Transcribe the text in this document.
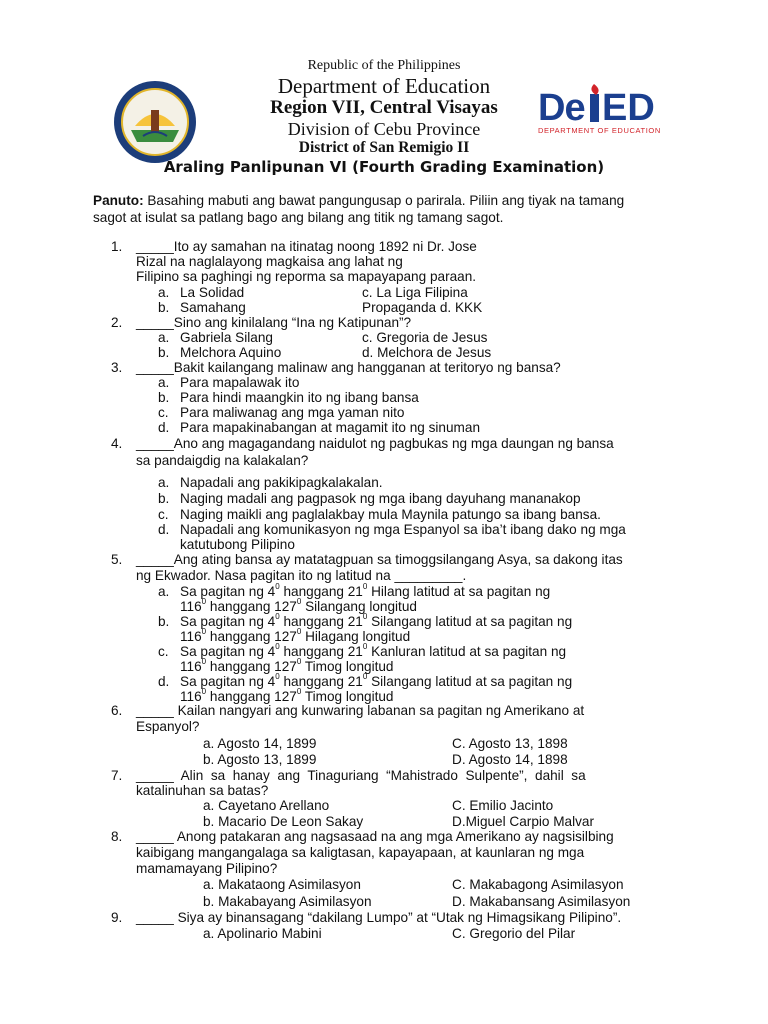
Republic of the Philippines
Department of Education
Region VII, Central Visayas
Division of Cebu Province
District of San Remigio II
De ED
DEPARTMENT OF EDUCATION
Araling Panlipunan VI (Fourth Grading Examination)
Panuto: Basahing mabuti ang bawat pangungusap o parirala. Piliin ang tiyak na tamang sagot at isulat sa patlang bago ang bilang ang titik ng tamang sagot.
1. _____Ito ay samahan na itinatag noong 1892 ni Dr. Jose
Rizal na naglalayong magkaisa ang lahat ng
Filipino sa paghingi ng reporma sa mapayapang paraan.
a. La Solidad	c. La Liga Filipina
b. Samahang	Propaganda d. KKK
2. _____Sino ang kinilalang “Ina ng Katipunan”?
a. Gabriela Silang	c. Gregoria de Jesus
b. Melchora Aquino	d. Melchora de Jesus
3. _____Bakit kailangang malinaw ang hangganan at teritoryo ng bansa?
a. Para mapalawak ito
b. Para hindi maangkin ito ng ibang bansa
c. Para maliwanag ang mga yaman nito
d. Para mapakinabangan at magamit ito ng sinuman
4. _____Ano ang magagandang naidulot ng pagbukas ng mga daungan ng bansa
sa pandaigdig na kalakalan?
a. Napadali ang pakikipagkalakalan.
b. Naging madali ang pagpasok ng mga ibang dayuhang mananakop
c. Naging maikli ang paglalakbay mula Maynila patungo sa ibang bansa.
d. Napadali ang komunikasyon ng mga Espanyol sa iba’t ibang dako ng mga
katutubong Pilipino
5. _____Ang ating bansa ay matatagpuan sa timoggsilangang Asya, sa dakong itas
ng Ekwador. Nasa pagitan ito ng latitud na _________.
a. Sa pagitan ng $4^0$ hanggang $21^0$ Hilang latitud at sa pagitan ng
$116^0$ hanggang $127^0$ Silangang longitud
b. Sa pagitan ng $4^0$ hanggang $21^0$ Silangang latitud at sa pagitan ng
$116^0$ hanggang $127^0$ Hilagang longitud
c. Sa pagitan ng $4^0$ hanggang $21^0$ Kanluran latitud at sa pagitan ng
$116^0$ hanggang $127^0$ Timog longitud
d. Sa pagitan ng $4^0$ hanggang $21^0$ Silangang latitud at sa pagitan ng
$116^0$ hanggang $127^0$ Timog longitud
6. _____ Kailan nangyari ang kunwaring labanan sa pagitan ng Amerikano at
Espanyol?
a. Agosto 14, 1899	C. Agosto 13, 1898
b. Agosto 13, 1899	D. Agosto 14, 1898
7. _____  Alin  sa  hanay  ang  Tinaguriang  “Mahistrado  Sulpente”,  dahil  sa
katalinuhan sa batas?
a. Cayetano Arellano	C. Emilio Jacinto
b. Macario De Leon Sakay	D.Miguel Carpio Malvar
8. _____ Anong patakaran ang nagsasaad na ang mga Amerikano ay nagsisilbing
kaibigang mangangalaga sa kaligtasan, kapayapaan, at kaunlaran ng mga
mamamayang Pilipino?
a. Makataong Asimilasyon	C. Makabagong Asimilasyon
b. Makabayang Asimilasyon	D. Makabansang Asimilasyon
9. _____ Siya ay binansagang “dakilang Lumpo” at “Utak ng Himagsikang Pilipino”.
a. Apolinario Mabini	C. Gregorio del Pilar
